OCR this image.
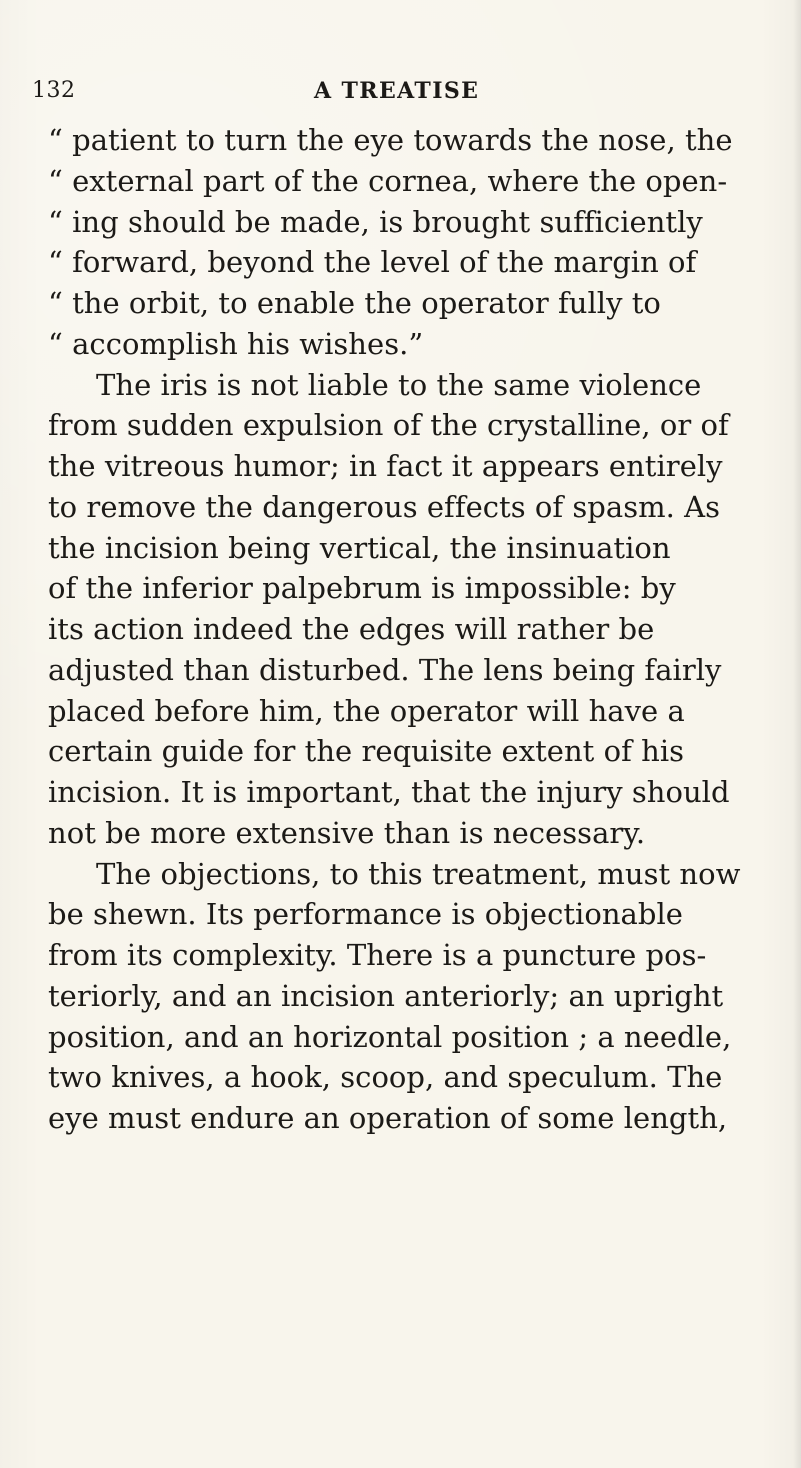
132	A TREATISE
“ patient to turn the eye towards the nose, the
“ external part of the cornea, where the open-
“ ing should be made, is brought sufficiently
“ forward, beyond the level of the margin of
“ the orbit, to enable the operator fully to
“ accomplish his wishes.”
The iris is not liable to the same violence
from sudden expulsion of the crystalline, or of
the vitreous humor; in fact it appears entirely
to remove the dangerous effects of spasm. As
the incision being vertical, the insinuation
of the inferior palpebrum is impossible: by
its action indeed the edges will rather be
adjusted than disturbed. The lens being fairly
placed before him, the operator will have a
certain guide for the requisite extent of his
incision. It is important, that the injury should
not be more extensive than is necessary.
The objections, to this treatment, must now
be shewn. Its performance is objectionable
from its complexity. There is a puncture pos-
teriorly, and an incision anteriorly; an upright
position, and an horizontal position ; a needle,
two knives, a hook, scoop, and speculum. The
eye must endure an operation of some length,
